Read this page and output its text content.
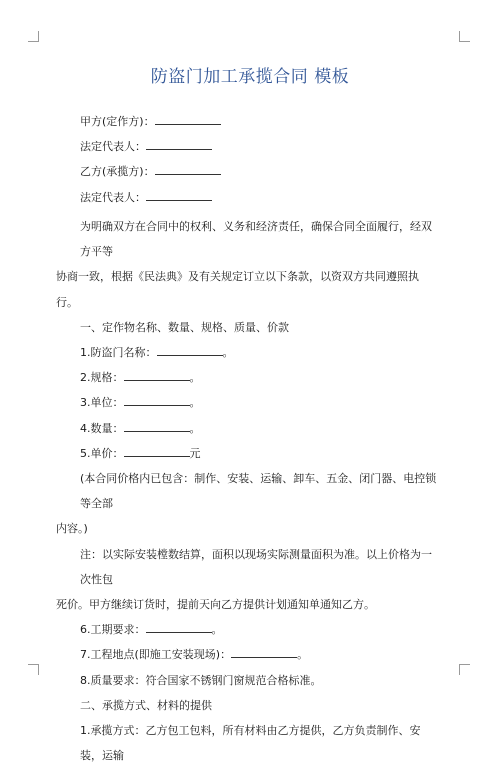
防盗门加工承揽合同 模板
甲方(定作方)：
法定代表人：
乙方(承揽方)：
法定代表人：

为明确双方在合同中的权利、义务和经济责任，确保合同全面履行，经双方平等

协商一致，根据《民法典》及有关规定订立以下条款，以资双方共同遵照执行。

一、定作物名称、数量、规格、质量、价款

1.防盗门名称：	。

2.规格：	。

3.单位：	。

4.数量：	。

5.单价：	元

(本合同价格内已包含：制作、安装、运输、卸车、五金、闭门器、电控锁等全部

内容。)

注：以实际安装樘数结算，面积以现场实际测量面积为准。以上价格为一次性包

死价。甲方继续订货时，提前天向乙方提供计划通知单通知乙方。

6.工期要求：	。

7.工程地点(即施工安装现场)：	。

8.质量要求：符合国家不锈钢门窗规范合格标准。

二、承揽方式、材料的提供

1.承揽方式：乙方包工包料，所有材料由乙方提供，乙方负责制作、安装，运输
